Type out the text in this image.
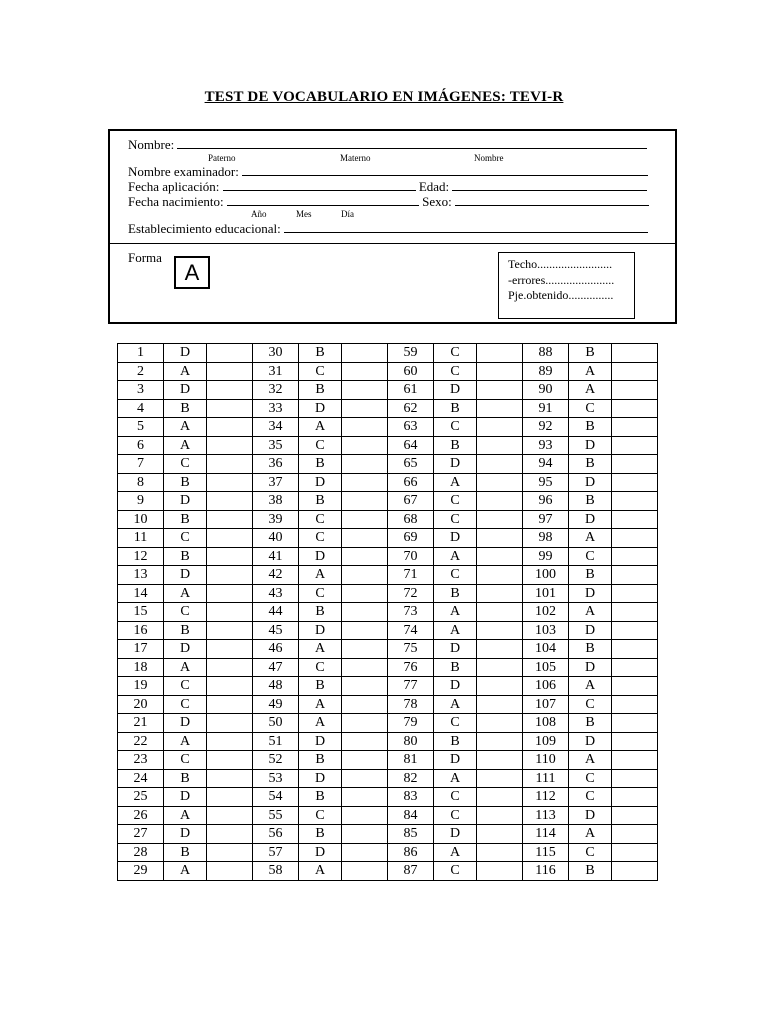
TEST DE VOCABULARIO EN IMÁGENES: TEVI-R
Nombre:
Paterno	Materno	Nombre
Nombre examinador:
Fecha aplicación:	Edad:
Fecha nacimiento:	Sexo:
Año	Mes	Día
Establecimiento educacional:
Forma
A	Techo.........................
-errores.......................
Pje.obtenido...............
1	D		30	B		59	C		88	B	
2	A		31	C		60	C		89	A	
3	D		32	B		61	D		90	A	
4	B		33	D		62	B		91	C	
5	A		34	A		63	C		92	B	
6	A		35	C		64	B		93	D	
7	C		36	B		65	D		94	B	
8	B		37	D		66	A		95	D	
9	D		38	B		67	C		96	B	
10	B		39	C		68	C		97	D	
11	C		40	C		69	D		98	A	
12	B		41	D		70	A		99	C	
13	D		42	A		71	C		100	B	
14	A		43	C		72	B		101	D	
15	C		44	B		73	A		102	A	
16	B		45	D		74	A		103	D	
17	D		46	A		75	D		104	B	
18	A		47	C		76	B		105	D	
19	C		48	B		77	D		106	A	
20	C		49	A		78	A		107	C	
21	D		50	A		79	C		108	B	
22	A		51	D		80	B		109	D	
23	C		52	B		81	D		110	A	
24	B		53	D		82	A		111	C	
25	D		54	B		83	C		112	C	
26	A		55	C		84	C		113	D	
27	D		56	B		85	D		114	A	
28	B		57	D		86	A		115	C	
29	A		58	A		87	C		116	B	
